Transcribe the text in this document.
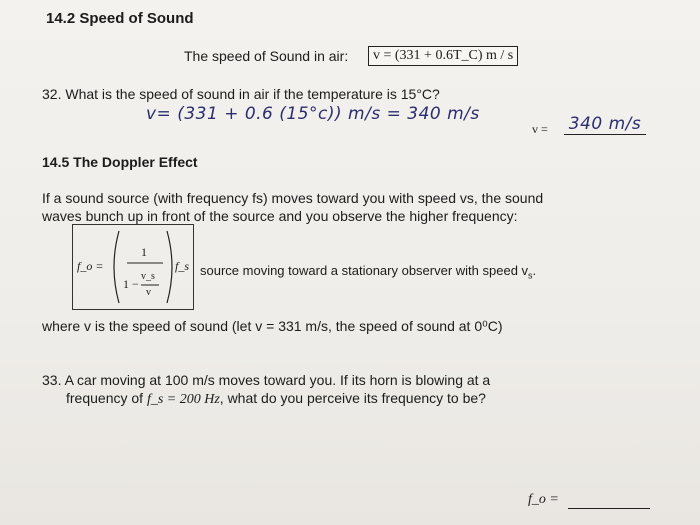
14.2 Speed of Sound
The speed of Sound in air:	v = (331 + 0.6T_C) m / s
32. What is the speed of sound in air if the temperature is 15°C?
v= (331 + 0.6 (15°c)) m/s = 340 m/s
v = 340 m/s
14.5 The Doppler Effect
If a sound source (with frequency fs) moves toward you with speed vs, the sound
waves bunch up in front of the source and you observe the higher frequency:
f_o =
1
1 −
v_s
v
f_s source moving toward a stationary observer with speed $v_s$.
where v is the speed of sound (let v = 331 m/s, the speed of sound at 0⁰C)
33. A car moving at 100 m/s moves toward you. If its horn is blowing at a
frequency of f_s = 200 Hz, what do you perceive its frequency to be?
f_o =
